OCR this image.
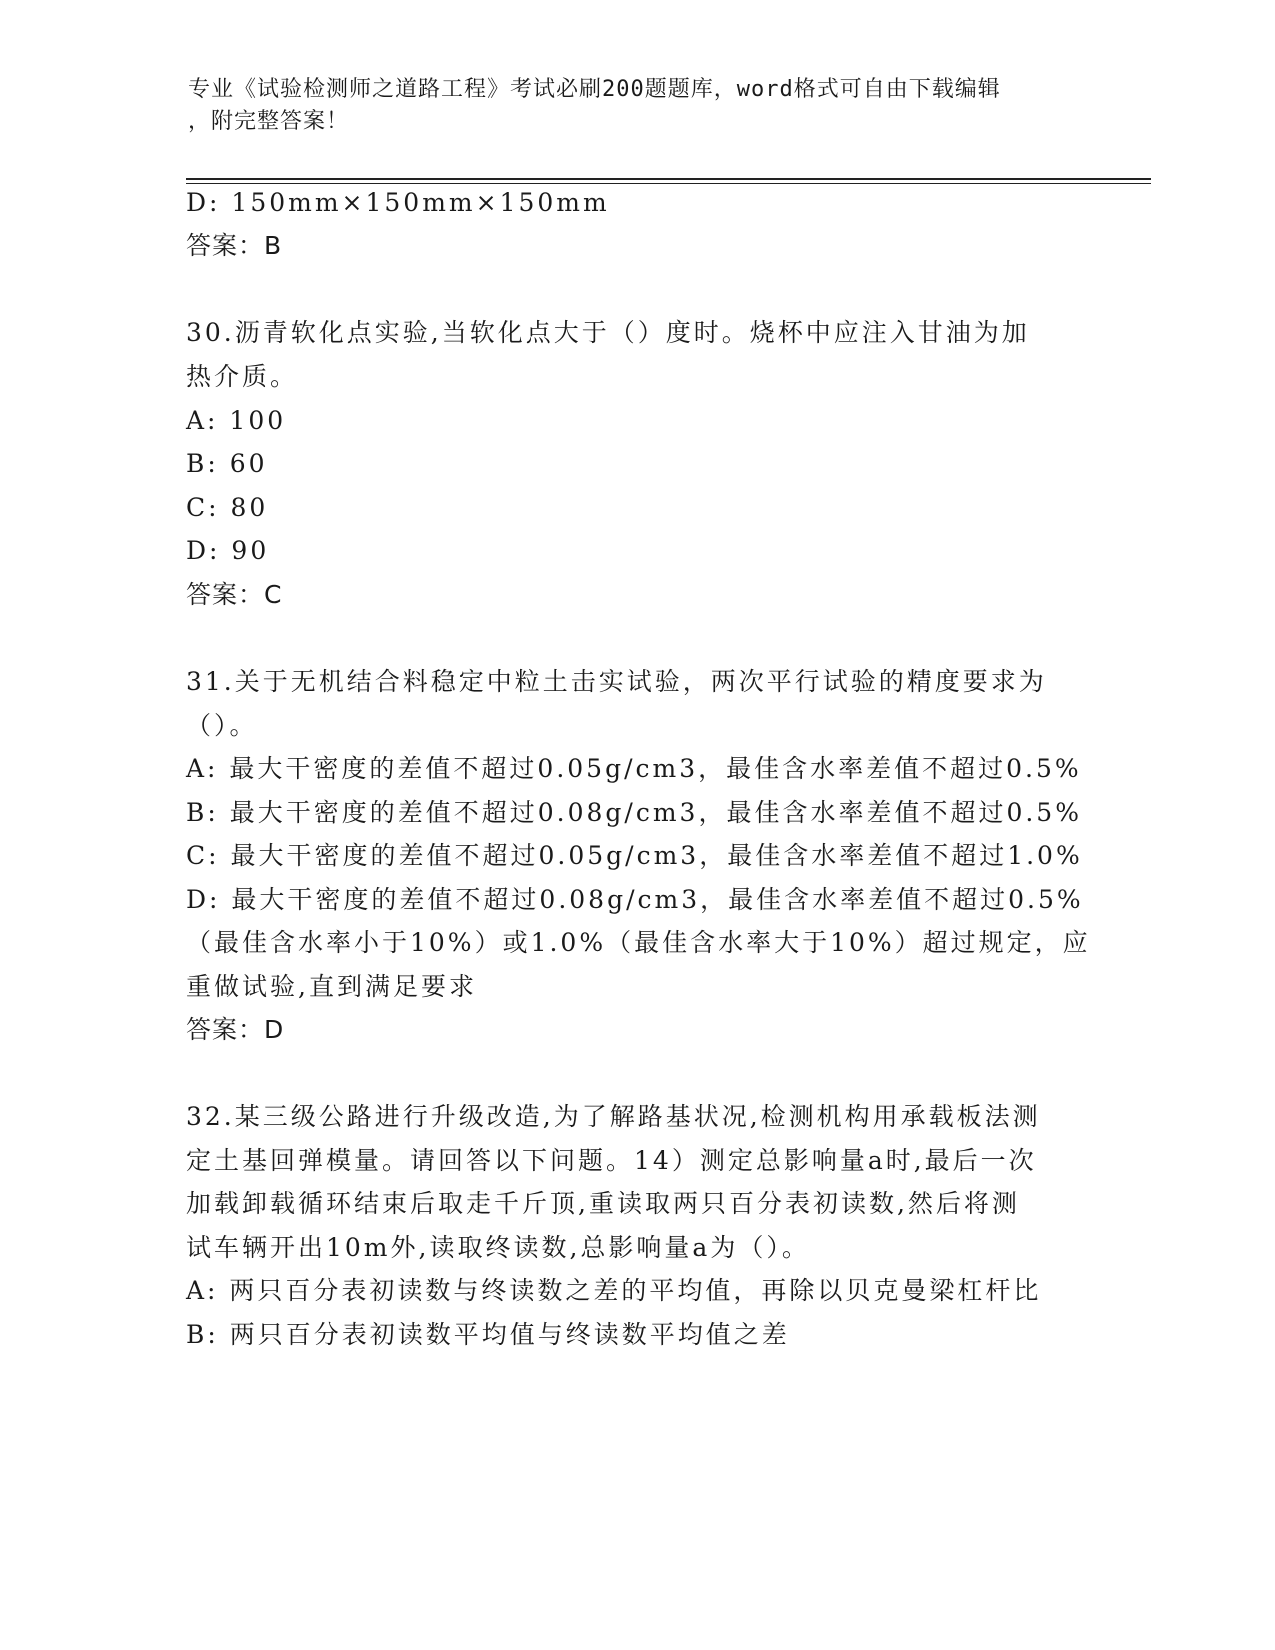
专业《试验检测师之道路工程》考试必刷200题题库，word格式可自由下载编辑
，附完整答案！
D: 150mm×150mm×150mm
答案：B
30.沥青软化点实验,当软化点大于（）度时。烧杯中应注入甘油为加
热介质。
A: 100
B: 60
C: 80
D: 90
答案：C
31.关于无机结合料稳定中粒土击实试验，两次平行试验的精度要求为
（）。
A: 最大干密度的差值不超过0.05g/cm3，最佳含水率差值不超过0.5%
B: 最大干密度的差值不超过0.08g/cm3，最佳含水率差值不超过0.5%
C: 最大干密度的差值不超过0.05g/cm3，最佳含水率差值不超过1.0%
D: 最大干密度的差值不超过0.08g/cm3，最佳含水率差值不超过0.5%
（最佳含水率小于10%）或1.0%（最佳含水率大于10%）超过规定，应
重做试验,直到满足要求
答案：D
32.某三级公路进行升级改造,为了解路基状况,检测机构用承载板法测
定土基回弹模量。请回答以下问题。14）测定总影响量a时,最后一次
加载卸载循环结束后取走千斤顶,重读取两只百分表初读数,然后将测
试车辆开出10m外,读取终读数,总影响量a为（）。
A: 两只百分表初读数与终读数之差的平均值，再除以贝克曼梁杠杆比
B: 两只百分表初读数平均值与终读数平均值之差
